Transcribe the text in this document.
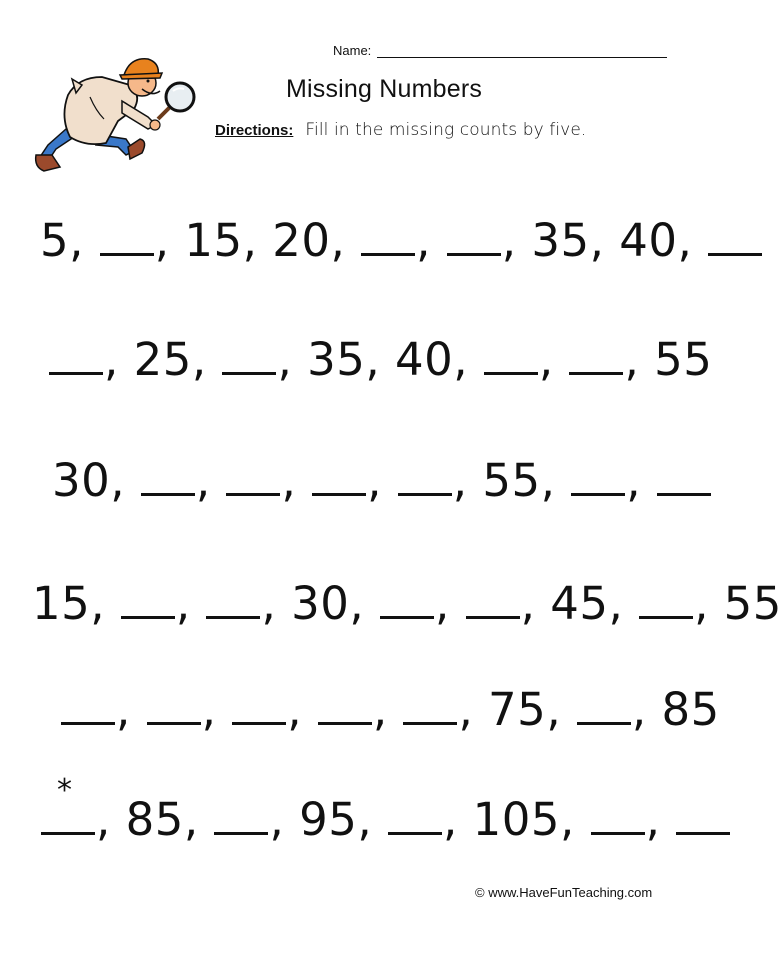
Name:
Missing Numbers
Directions: Fill in the missing counts by five.
5, , 15, 20, , , 35, 40,
, 25, , 35, 40, , , 55
30, , , , , 55, ,
15, , , 30, , , 45, , 55
, , , , , 75, , 85
, 85, , 95, , 105, ,
*
© www.HaveFunTeaching.com
